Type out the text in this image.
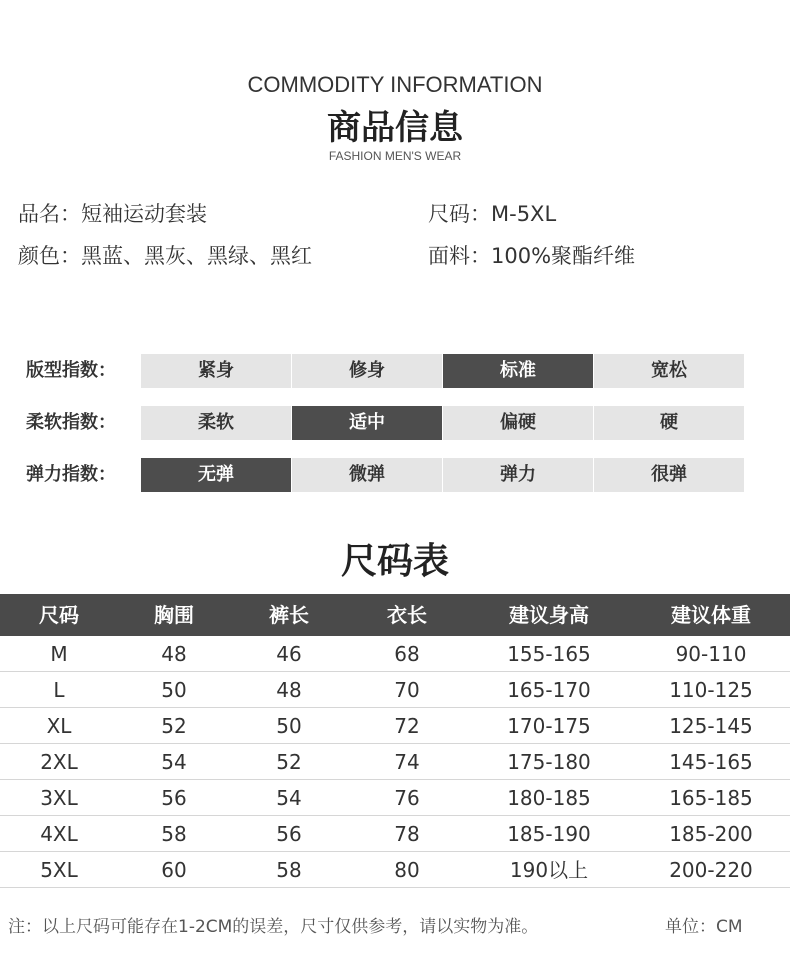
COMMODITY INFORMATION
商品信息
FASHION MEN'S WEAR
品名：短袖运动套装	尺码：M-5XL
颜色：黑蓝、黑灰、黑绿、黑红	面料：100%聚酯纤维
版型指数：	紧身	修身	标准	宽松
柔软指数：	柔软	适中	偏硬	硬
弹力指数：	无弹	微弹	弹力	很弹
尺码表
尺码	胸围	裤长	衣长	建议身高	建议体重
M	48	46	68	155-165	90-110
L	50	48	70	165-170	110-125
XL	52	50	72	170-175	125-145
2XL	54	52	74	175-180	145-165
3XL	56	54	76	180-185	165-185
4XL	58	56	78	185-190	185-200
5XL	60	58	80	190以上	200-220
注：以上尺码可能存在1-2CM的误差，尺寸仅供参考，请以实物为准。	单位：CM
